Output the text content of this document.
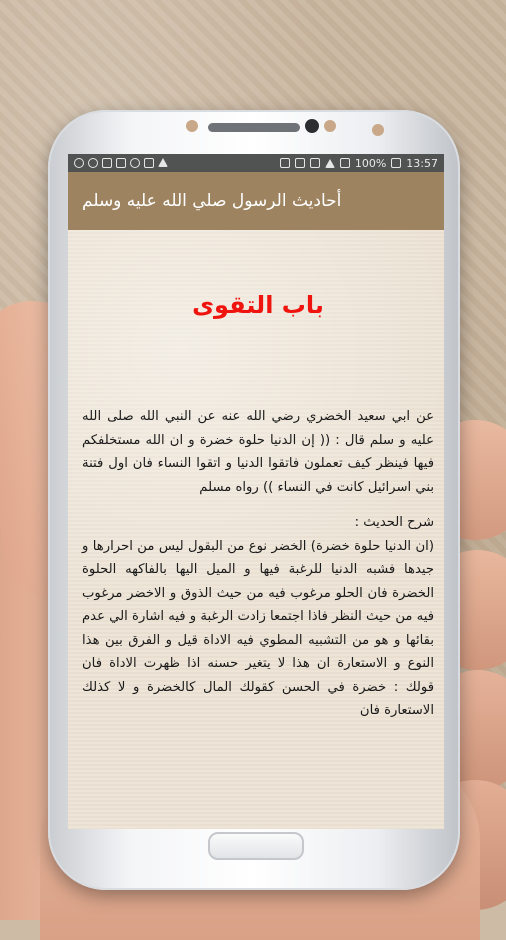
100% 13:57
أحاديث الرسول صلي الله عليه وسلم
باب التقوى

عن ابي سعيد الخضري رضي الله عنه عن النبي الله صلى الله عليه و سلم قال : (( إن الدنيا حلوة خضرة و ان الله مستخلفكم فيها فينظر كيف تعملون فاتقوا الدنيا و اتقوا النساء فان اول فتنة بني اسرائيل كانت في النساء )) رواه مسلم

شرح الحديث :
(ان الدنيا حلوة خضرة) الخضر نوع من البقول ليس من احرارها و جيدها فشبه الدنيا للرغبة فيها و الميل اليها بالفاكهه الحلوة الخضرة فان الحلو مرغوب فيه من حيث الذوق و الاخضر مرغوب فيه من حيث النظر فاذا اجتمعا زادت الرغبة و فيه اشارة الي عدم بقائها و هو من التشبيه المطوي فيه الاداة قيل و الفرق بين هذا النوع و الاستعارة ان هذا لا يتغير حسنه اذا ظهرت الاداة فان قولك : خضرة في الحسن كقولك المال كالخضرة و لا كذلك الاستعارة فان
